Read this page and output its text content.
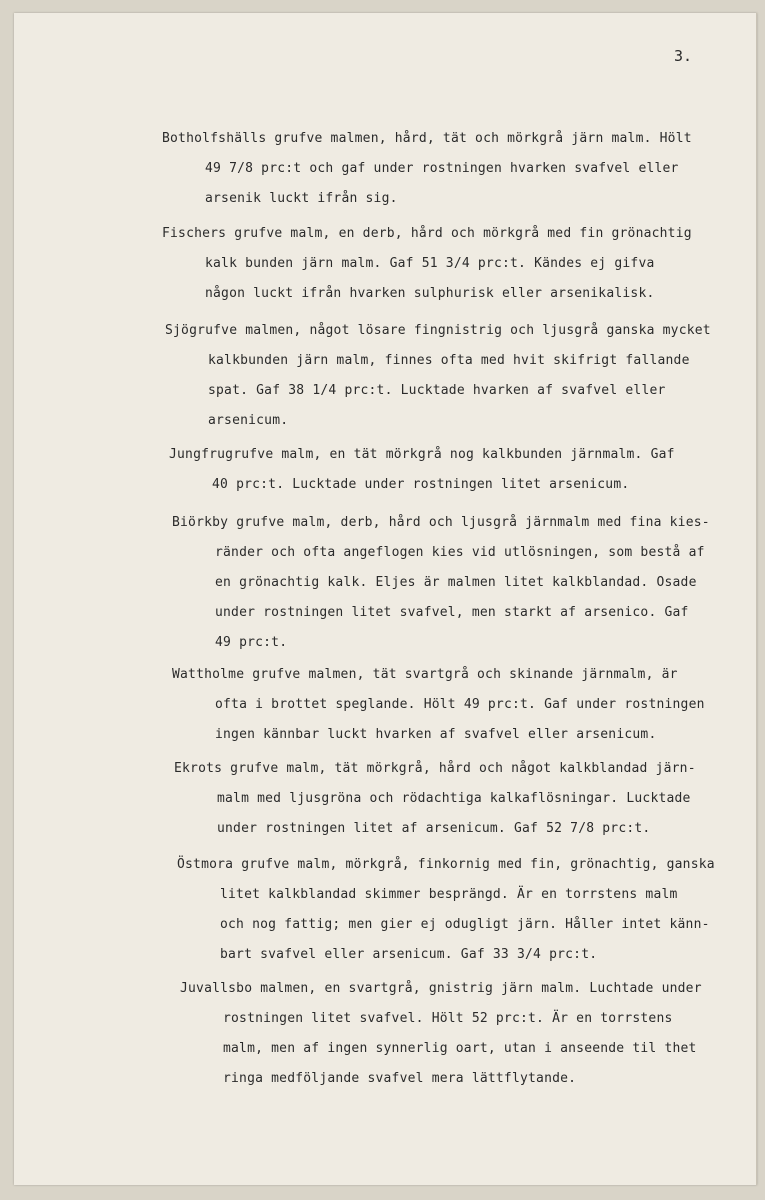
3.
Botholfshälls grufve malmen, hård, tät och mörkgrå järn malm. Hölt
49 7/8 prc:t och gaf under rostningen hvarken svafvel eller
arsenik luckt ifrån sig.
Fischers grufve malm, en derb, hård och mörkgrå med fin grönachtig
kalk bunden järn malm. Gaf 51 3/4 prc:t. Kändes ej gifva
någon luckt ifrån hvarken sulphurisk eller arsenikalisk.
Sjögrufve malmen, något lösare fingnistrig och ljusgrå ganska mycket
kalkbunden järn malm, finnes ofta med hvit skifrigt fallande
spat. Gaf 38 1/4 prc:t. Lucktade hvarken af svafvel eller
arsenicum.
Jungfrugrufve malm, en tät mörkgrå nog kalkbunden järnmalm. Gaf
40 prc:t. Lucktade under rostningen litet arsenicum.
Biörkby grufve malm, derb, hård och ljusgrå järnmalm med fina kies-
ränder och ofta angeflogen kies vid utlösningen, som bestå af
en grönachtig kalk. Eljes är malmen litet kalkblandad. Osade
under rostningen litet svafvel, men starkt af arsenico. Gaf
49 prc:t.
Wattholme grufve malmen, tät svartgrå och skinande järnmalm, är
ofta i brottet speglande. Hölt 49 prc:t. Gaf under rostningen
ingen kännbar luckt hvarken af svafvel eller arsenicum.
Ekrots grufve malm, tät mörkgrå, hård och något kalkblandad järn-
malm med ljusgröna och rödachtiga kalkaflösningar. Lucktade
under rostningen litet af arsenicum. Gaf 52 7/8 prc:t.
Östmora grufve malm, mörkgrå, finkornig med fin, grönachtig, ganska
litet kalkblandad skimmer besprängd. Är en torrstens malm
och nog fattig; men gier ej odugligt järn. Håller intet känn-
bart svafvel eller arsenicum. Gaf 33 3/4 prc:t.
Juvallsbo malmen, en svartgrå, gnistrig järn malm. Luchtade under
rostningen litet svafvel. Hölt 52 prc:t. Är en torrstens
malm, men af ingen synnerlig oart, utan i anseende til thet
ringa medföljande svafvel mera lättflytande.
